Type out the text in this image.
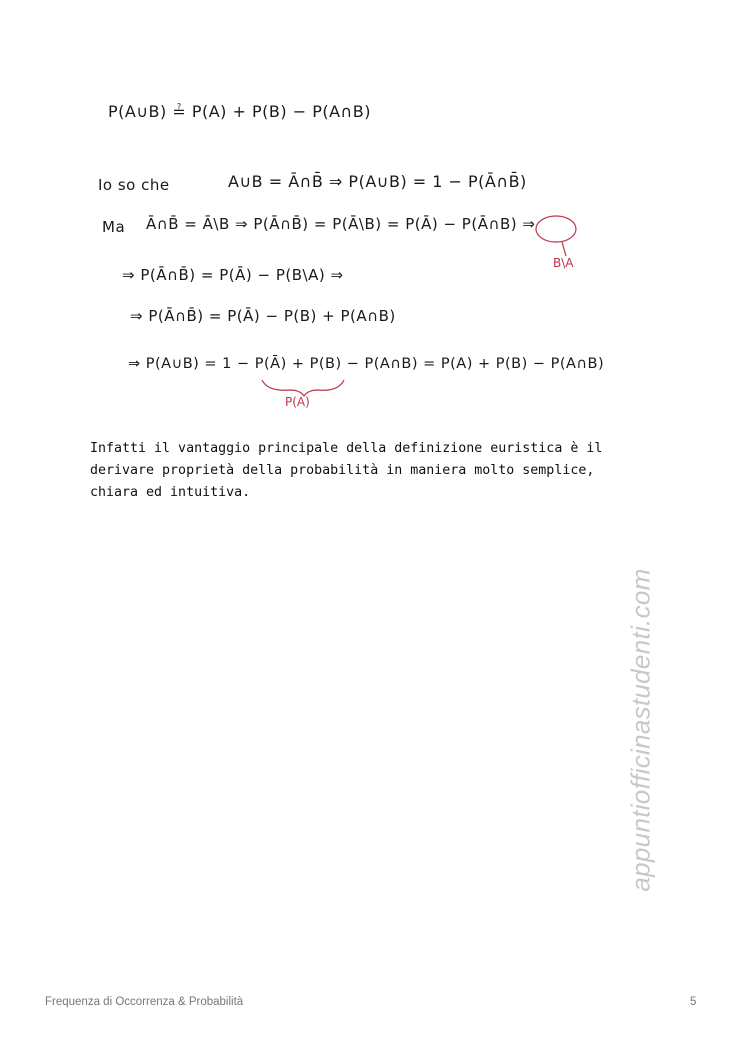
P(A∪B) ≟ P(A) + P(B) − P(A∩B)
Io so che	A∪B = Ā∩B̄ ⇒ P(A∪B) = 1 − P(Ā∩B̄)
Ma Ā∩B̄ = Ā\B ⇒ P(Ā∩B̄) = P(Ā\B) = P(Ā) − P(Ā∩B) ⇒
B\A
⇒ P(Ā∩B̄) = P(Ā) − P(B\A) ⇒
⇒ P(Ā∩B̄) = P(Ā) − P(B) + P(A∩B)
⇒ P(A∪B) = 1 − P(Ā) + P(B) − P(A∩B) = P(A) + P(B) − P(A∩B)
P(A)
Infatti il vantaggio principale della definizione euristica è il
derivare proprietà della probabilità in maniera molto semplice,
chiara ed intuitiva.
appuntiofficinastudenti.com
Frequenza di Occorrenza & Probabilità	5
